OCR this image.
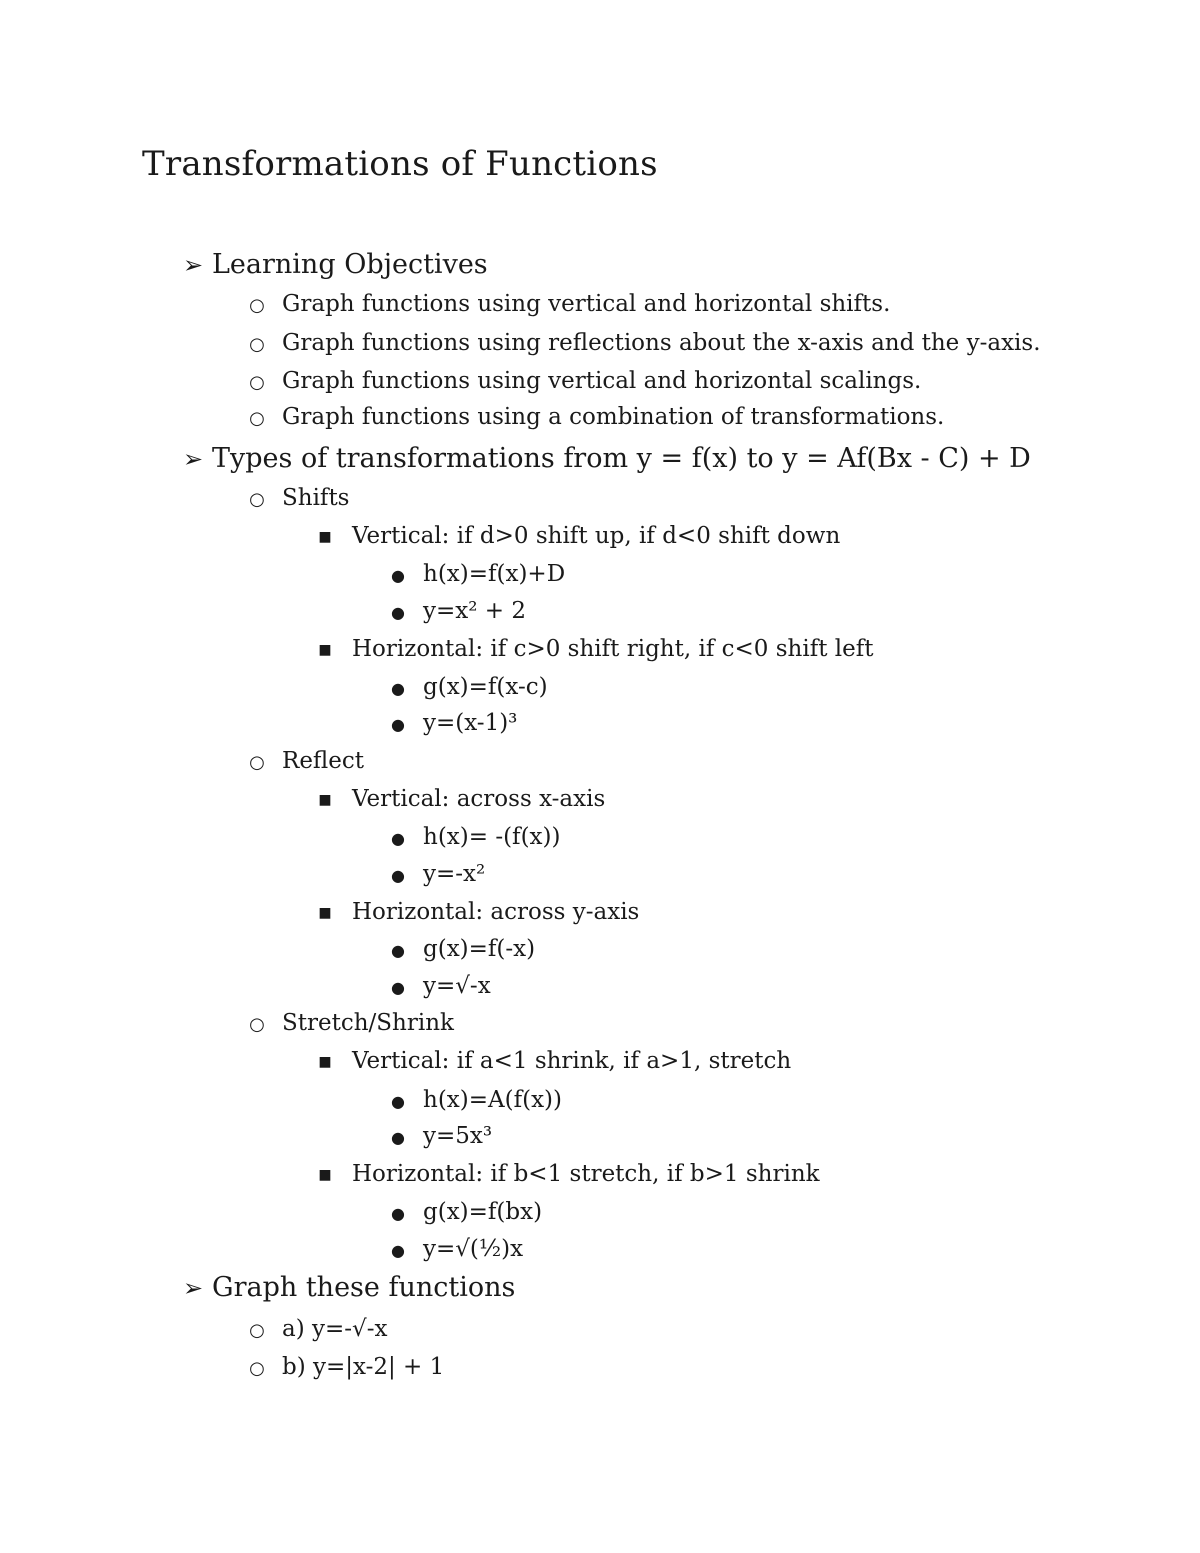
Transformations of Functions
➢ Learning Objectives
○ Graph functions using vertical and horizontal shifts.
○ Graph functions using reflections about the x-axis and the y-axis.
○ Graph functions using vertical and horizontal scalings.
○ Graph functions using a combination of transformations.
➢ Types of transformations from y = f(x) to y = Af(Bx - C) + D
○ Shifts
■ Vertical: if d>0 shift up, if d<0 shift down
● h(x)=f(x)+D
● y=x² + 2
■ Horizontal: if c>0 shift right, if c<0 shift left
● g(x)=f(x-c)
● y=(x-1)³
○ Reflect
■ Vertical: across x-axis
● h(x)= -(f(x))
● y=-x²
■ Horizontal: across y-axis
● g(x)=f(-x)
● y=√-x
○ Stretch/Shrink
■ Vertical: if a<1 shrink, if a>1, stretch
● h(x)=A(f(x))
● y=5x³
■ Horizontal: if b<1 stretch, if b>1 shrink
● g(x)=f(bx)
● y=√(½)x
➢ Graph these functions
○ a) y=-√-x
○ b) y=|x-2| + 1
